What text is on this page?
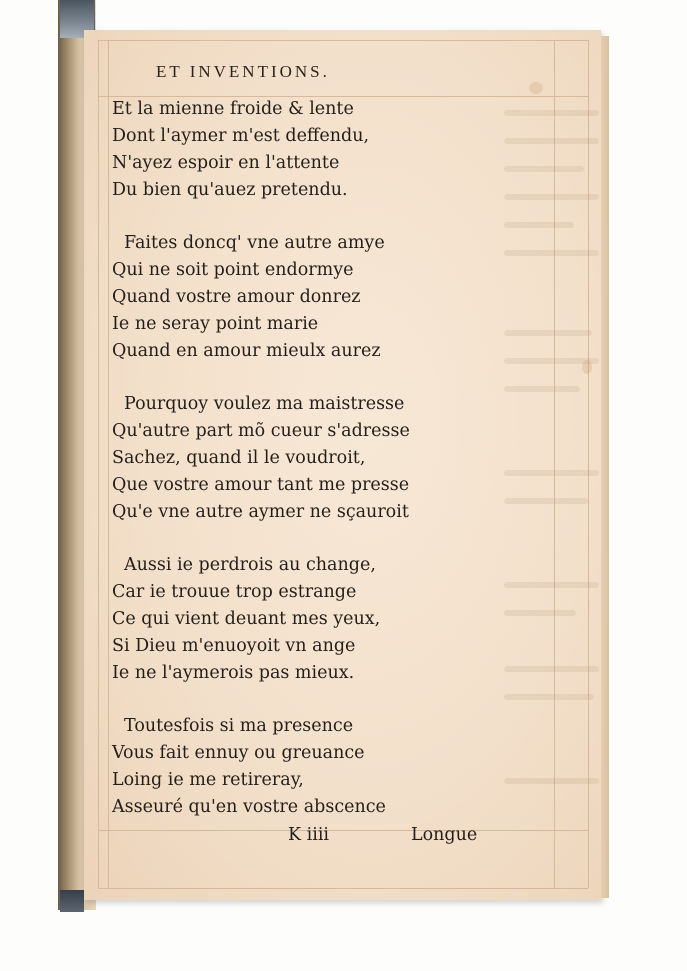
ET INVENTIONS.
Et la mienne froide & lente
Dont l'aymer m'est deffendu,
N'ayez espoir en l'attente
Du bien qu'auez pretendu.
Faites doncq' vne autre amye
Qui ne soit point endormye
Quand vostre amour donrez
Ie ne seray point marie
Quand en amour mieulx aurez
Pourquoy voulez ma maistresse
Qu'autre part mõ cueur s'adresse
Sachez, quand il le voudroit,
Que vostre amour tant me presse
Qu'e vne autre aymer ne sçauroit
Aussi ie perdrois au change,
Car ie trouue trop estrange
Ce qui vient deuant mes yeux,
Si Dieu m'enuoyoit vn ange
Ie ne l'aymerois pas mieux.
Toutesfois si ma presence
Vous fait ennuy ou greuance
Loing ie me retireray,
Asseuré qu'en vostre abscence
K iiii	Longue
